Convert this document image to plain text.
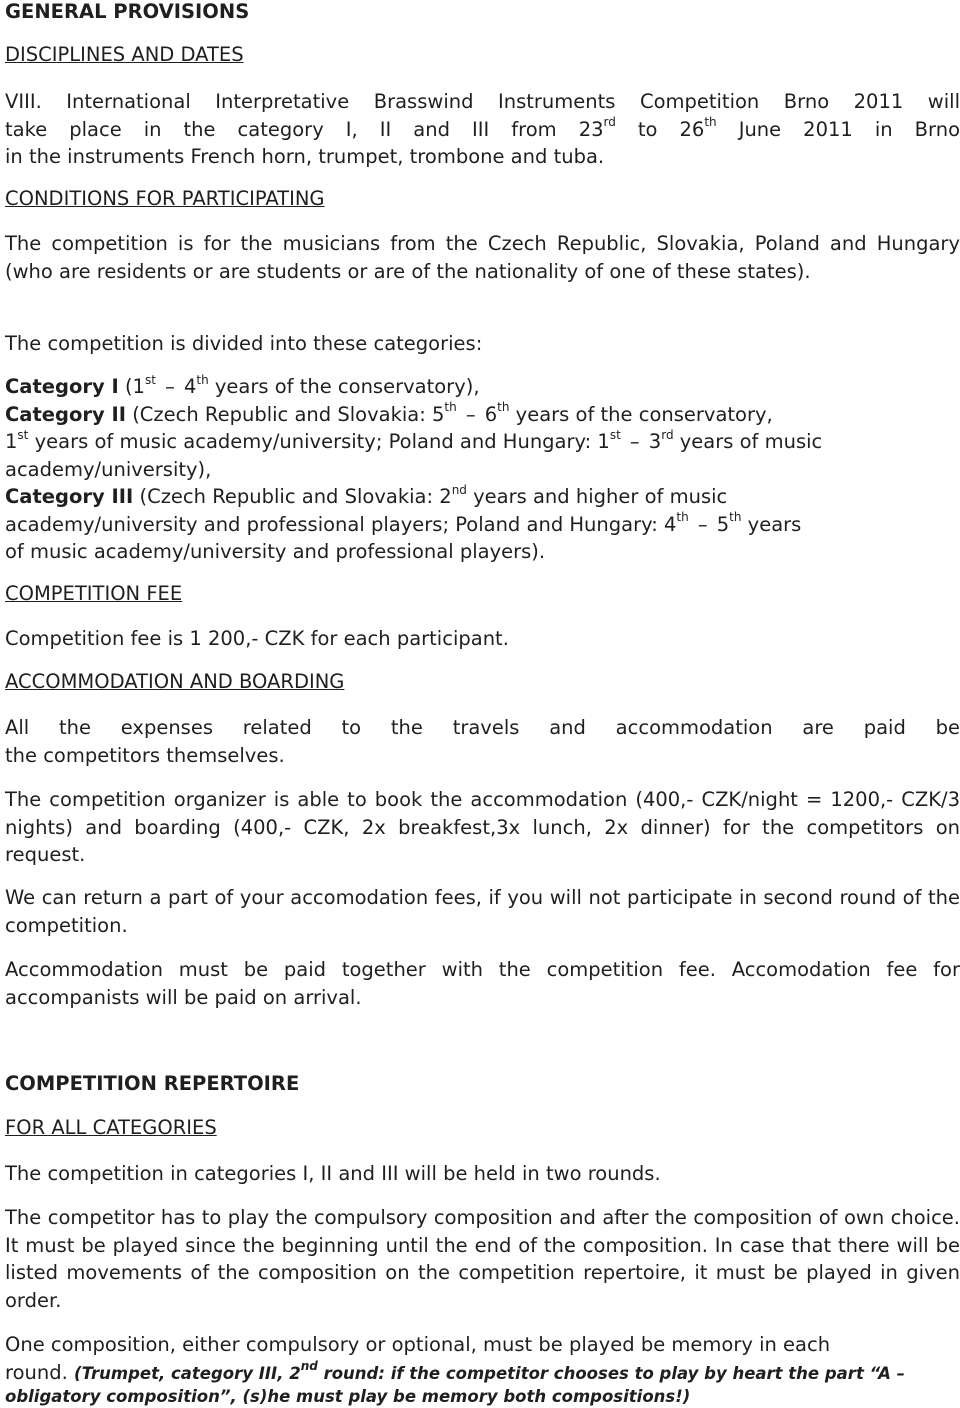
GENERAL PROVISIONS
DISCIPLINES AND DATES
VIII. International Interpretative Brasswind Instruments Competition Brno 2011 will
take place in the category I, II and III from 23rd to 26th June 2011 in Brno
in the instruments French horn, trumpet, trombone and tuba.
CONDITIONS FOR PARTICIPATING
The competition is for the musicians from the Czech Republic, Slovakia, Poland and Hungary (who are residents or are students or are of the nationality of one of these states).
The competition is divided into these categories:
Category I (1st – 4th years of the conservatory),
Category II (Czech Republic and Slovakia: 5th – 6th years of the conservatory,
1st years of music academy/university; Poland and Hungary: 1st – 3rd years of music
academy/university),
Category III (Czech Republic and Slovakia: 2nd years and higher of music
academy/university and professional players; Poland and Hungary: 4th – 5th years
of music academy/university and professional players).
COMPETITION FEE
Competition fee is 1 200,- CZK for each participant.
ACCOMMODATION AND BOARDING
All the expenses related to the travels and accommodation are paid be
the competitors themselves.
The competition organizer is able to book the accommodation (400,- CZK/night = 1200,- CZK/3 nights) and boarding (400,- CZK, 2x breakfest,3x lunch, 2x dinner) for the competitors on request.
We can return a part of your accomodation fees, if you will not participate in second round of the competition.
Accommodation must be paid together with the competition fee. Accomodation fee for accompanists will be paid on arrival.
COMPETITION REPERTOIRE
FOR ALL CATEGORIES
The competition in categories I, II and III will be held in two rounds.
The competitor has to play the compulsory composition and after the composition of own choice. It must be played since the beginning until the end of the composition. In case that there will be listed movements of the composition on the competition repertoire, it must be played in given order.
One composition, either compulsory or optional, must be played be memory in each
round. (Trumpet, category III, 2nd round: if the competitor chooses to play by heart the part “A –
obligatory composition”, (s)he must play be memory both compositions!)
